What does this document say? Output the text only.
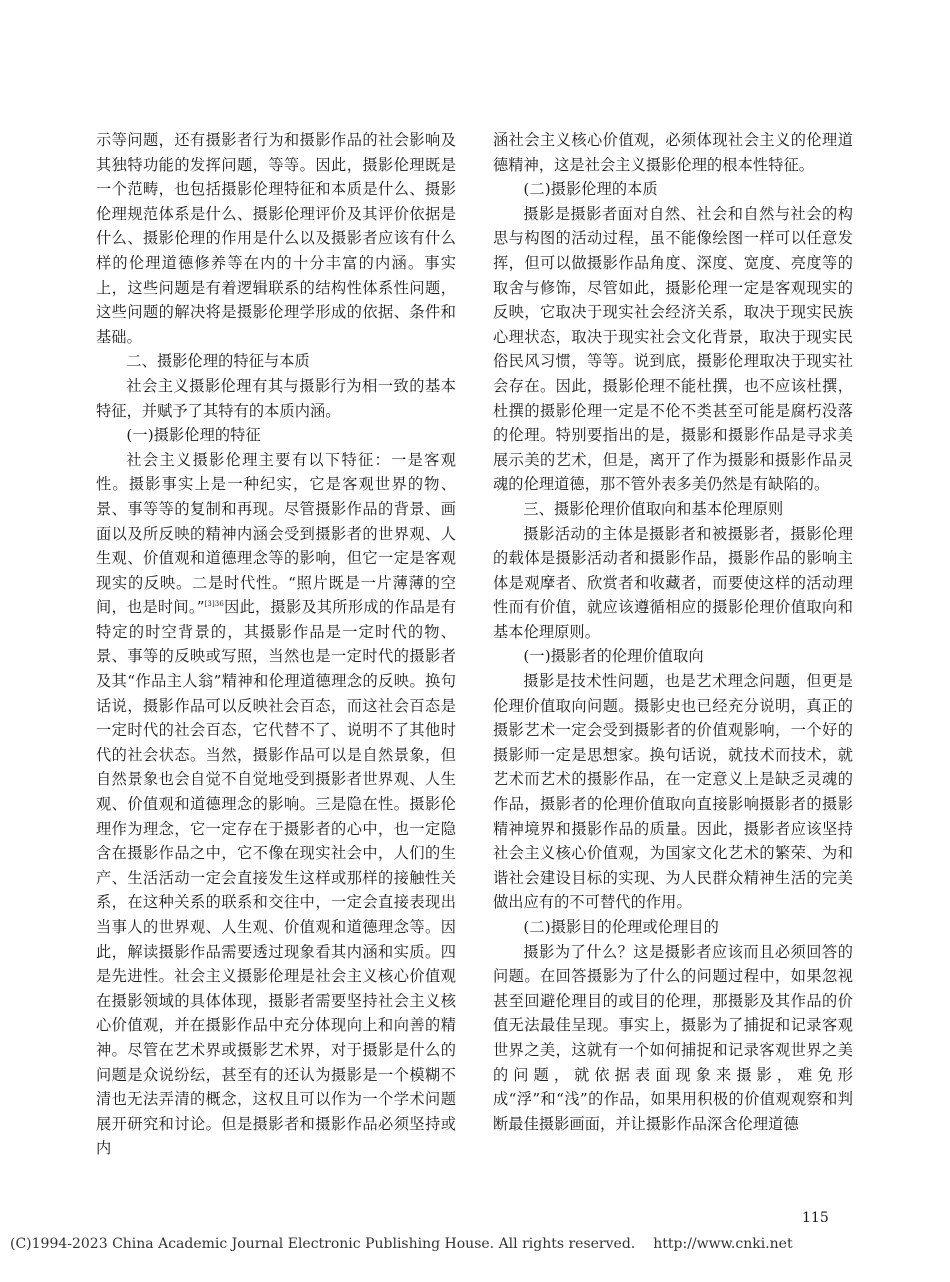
示等问题，还有摄影者行为和摄影作品的社会影响及其独特功能的发挥问题，等等。因此，摄影伦理既是一个范畴，也包括摄影伦理特征和本质是什么、摄影伦理规范体系是什么、摄影伦理评价及其评价依据是什么、摄影伦理的作用是什么以及摄影者应该有什么样的伦理道德修养等在内的十分丰富的内涵。事实上，这些问题是有着逻辑联系的结构性体系性问题，这些问题的解决将是摄影伦理学形成的依据、条件和基础。

二、摄影伦理的特征与本质

社会主义摄影伦理有其与摄影行为相一致的基本特征，并赋予了其特有的本质内涵。

(一)摄影伦理的特征

社会主义摄影伦理主要有以下特征：一是客观性。摄影事实上是一种纪实，它是客观世界的物、景、事等等的复制和再现。尽管摄影作品的背景、画面以及所反映的精神内涵会受到摄影者的世界观、人生观、价值观和道德理念等的影响，但它一定是客观现实的反映。二是时代性。“照片既是一片薄薄的空间，也是时间。”$^{[3]36}$因此，摄影及其所形成的作品是有特定的时空背景的，其摄影作品是一定时代的物、景、事等的反映或写照，当然也是一定时代的摄影者及其“作品主人翁”精神和伦理道德理念的反映。换句话说，摄影作品可以反映社会百态，而这社会百态是一定时代的社会百态，它代替不了、说明不了其他时代的社会状态。当然，摄影作品可以是自然景象，但自然景象也会自觉不自觉地受到摄影者世界观、人生观、价值观和道德理念的影响。三是隐在性。摄影伦理作为理念，它一定存在于摄影者的心中，也一定隐含在摄影作品之中，它不像在现实社会中，人们的生产、生活活动一定会直接发生这样或那样的接触性关系，在这种关系的联系和交往中，一定会直接表现出当事人的世界观、人生观、价值观和道德理念等。因此，解读摄影作品需要透过现象看其内涵和实质。四是先进性。社会主义摄影伦理是社会主义核心价值观在摄影领域的具体体现，摄影者需要坚持社会主义核心价值观，并在摄影作品中充分体现向上和向善的精神。尽管在艺术界或摄影艺术界，对于摄影是什么的问题是众说纷纭，甚至有的还认为摄影是一个模糊不清也无法弄清的概念，这权且可以作为一个学术问题展开研究和讨论。但是摄影者和摄影作品必须坚持或内

涵社会主义核心价值观，必须体现社会主义的伦理道德精神，这是社会主义摄影伦理的根本性特征。

(二)摄影伦理的本质

摄影是摄影者面对自然、社会和自然与社会的构思与构图的活动过程，虽不能像绘图一样可以任意发挥，但可以做摄影作品角度、深度、宽度、亮度等的取舍与修饰，尽管如此，摄影伦理一定是客观现实的反映，它取决于现实社会经济关系，取决于现实民族心理状态，取决于现实社会文化背景，取决于现实民俗民风习惯，等等。说到底，摄影伦理取决于现实社会存在。因此，摄影伦理不能杜撰，也不应该杜撰，杜撰的摄影伦理一定是不伦不类甚至可能是腐朽没落的伦理。特别要指出的是，摄影和摄影作品是寻求美展示美的艺术，但是，离开了作为摄影和摄影作品灵魂的伦理道德，那不管外表多美仍然是有缺陷的。

三、摄影伦理价值取向和基本伦理原则

摄影活动的主体是摄影者和被摄影者，摄影伦理的载体是摄影活动者和摄影作品，摄影作品的影响主体是观摩者、欣赏者和收藏者，而要使这样的活动理性而有价值，就应该遵循相应的摄影伦理价值取向和基本伦理原则。

(一)摄影者的伦理价值取向

摄影是技术性问题，也是艺术理念问题，但更是伦理价值取向问题。摄影史也已经充分说明，真正的摄影艺术一定会受到摄影者的价值观影响，一个好的摄影师一定是思想家。换句话说，就技术而技术，就艺术而艺术的摄影作品，在一定意义上是缺乏灵魂的作品，摄影者的伦理价值取向直接影响摄影者的摄影精神境界和摄影作品的质量。因此，摄影者应该坚持社会主义核心价值观，为国家文化艺术的繁荣、为和谐社会建设目标的实现、为人民群众精神生活的完美做出应有的不可替代的作用。

(二)摄影目的伦理或伦理目的

摄影为了什么？这是摄影者应该而且必须回答的问题。在回答摄影为了什么的问题过程中，如果忽视甚至回避伦理目的或目的伦理，那摄影及其作品的价值无法最佳呈现。事实上，摄影为了捕捉和记录客观世界之美，这就有一个如何捕捉和记录客观世界之美的问题，就依据表面现象来摄影，难免形成“浮”和“浅”的作品，如果用积极的价值观观察和判断最佳摄影画面，并让摄影作品深含伦理道德

115
(C)1994-2023 China Academic Journal Electronic Publishing House. All rights reserved. http://www.cnki.net
